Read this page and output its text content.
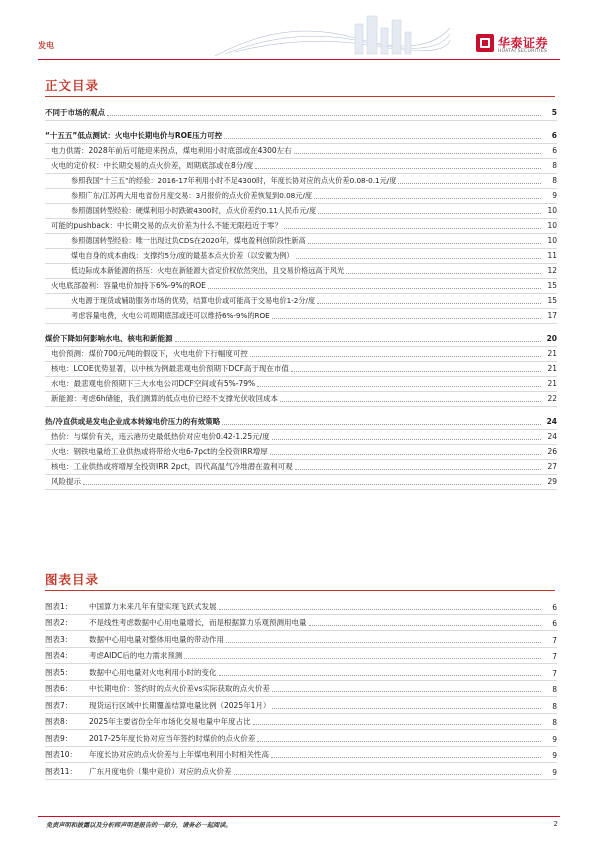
发电	华泰证券
HUATAI SECURITIES
正文目录
不同于市场的观点	5
“十五五”低点测试：火电中长期电价与ROE压力可控	6
电力供需：2028年前后可能迎来拐点，煤电利用小时底部或在4300左右	6
火电的定价权：中长期交易的点火价差，周期底部或在8分/度	8
参照我国“十三五”的经验：2016-17年利用小时不足4300时，年度长协对应的点火价差0.08-0.1元/度	8
参照广东/江苏两大用电省份月度交易：3月报价的点火价差恢复到0.08元/度	9
参照德国转型经验：硬煤利用小时跌破4300时，点火价差约0.11人民币元/度	10
可能的pushback：中长期交易的点火价差为什么不能无限趋近于零？	10
参照德国转型经验：唯一出现过负CDS在2020年，煤电盈利创阶段性新高	10
煤电自身的成本曲线：支撑约5分/度的最基本点火价差（以安徽为例）	11
低边际成本新能源的挤压：火电在新能源大省定价权依然突出，且交易价格远高于风光	12
火电底部盈利：容量电价加持下6%-9%的ROE	15
火电源于现货或辅助服务市场的优势，结算电价或可能高于交易电价1-2分/度	15
考虑容量电费，火电公司周期底部或还可以维持6%-9%的ROE	17
煤价下降如何影响水电、核电和新能源	20
电价预测：煤价700元/吨的假设下，火电电价下行幅度可控	21
核电：LCOE优势显著，以中核为例最悲观电价预期下DCF高于现在市值	21
水电：最悲观电价预期下三大水电公司DCF空间或有5%-79%	21
新能源：考虑6h储能，我们测算的低点电价已经不支撑光伏收回成本	22
热/冷直供或是发电企业成本转嫁电价压力的有效策略	24
热价：与煤价有关，违云港历史最低热价对应电价0.42-1.25元/度	24
火电：钢铁电量给工业供热或将带给火电6-7pct的全投资IRR增厚	26
核电：工业供热或将增厚全投资IRR 2pct，四代高温气冷堆潜在盈利可观	27
风险提示	29
图表目录
图表1：	中国算力未来几年有望实现飞跃式发展	6
图表2：	不是线性考虑数据中心用电量增长，而是根据算力乐观预测用电量	6
图表3：	数据中心用电量对整体用电量的带动作用	7
图表4：	考虑AIDC后的电力需求预测	7
图表5：	数据中心用电量对火电利用小时的变化	7
图表6：	中长期电价：签约时的点火价差vs实际获取的点火价差	8
图表7：	现货运行区域中长期覆盖结算电量比例（2025年1月）	8
图表8：	2025年主要省份全年市场化交易电量中年度占比	8
图表9：	2017-25年度长协对应当年签约时煤价的点火价差	9
图表10：	年度长协对应的点火价差与上年煤电利用小时相关性高	9
图表11：	广东月度电价（集中竞价）对应的点火价差	9
免责声明和披露以及分析师声明是报告的一部分，请务必一起阅读。	2
